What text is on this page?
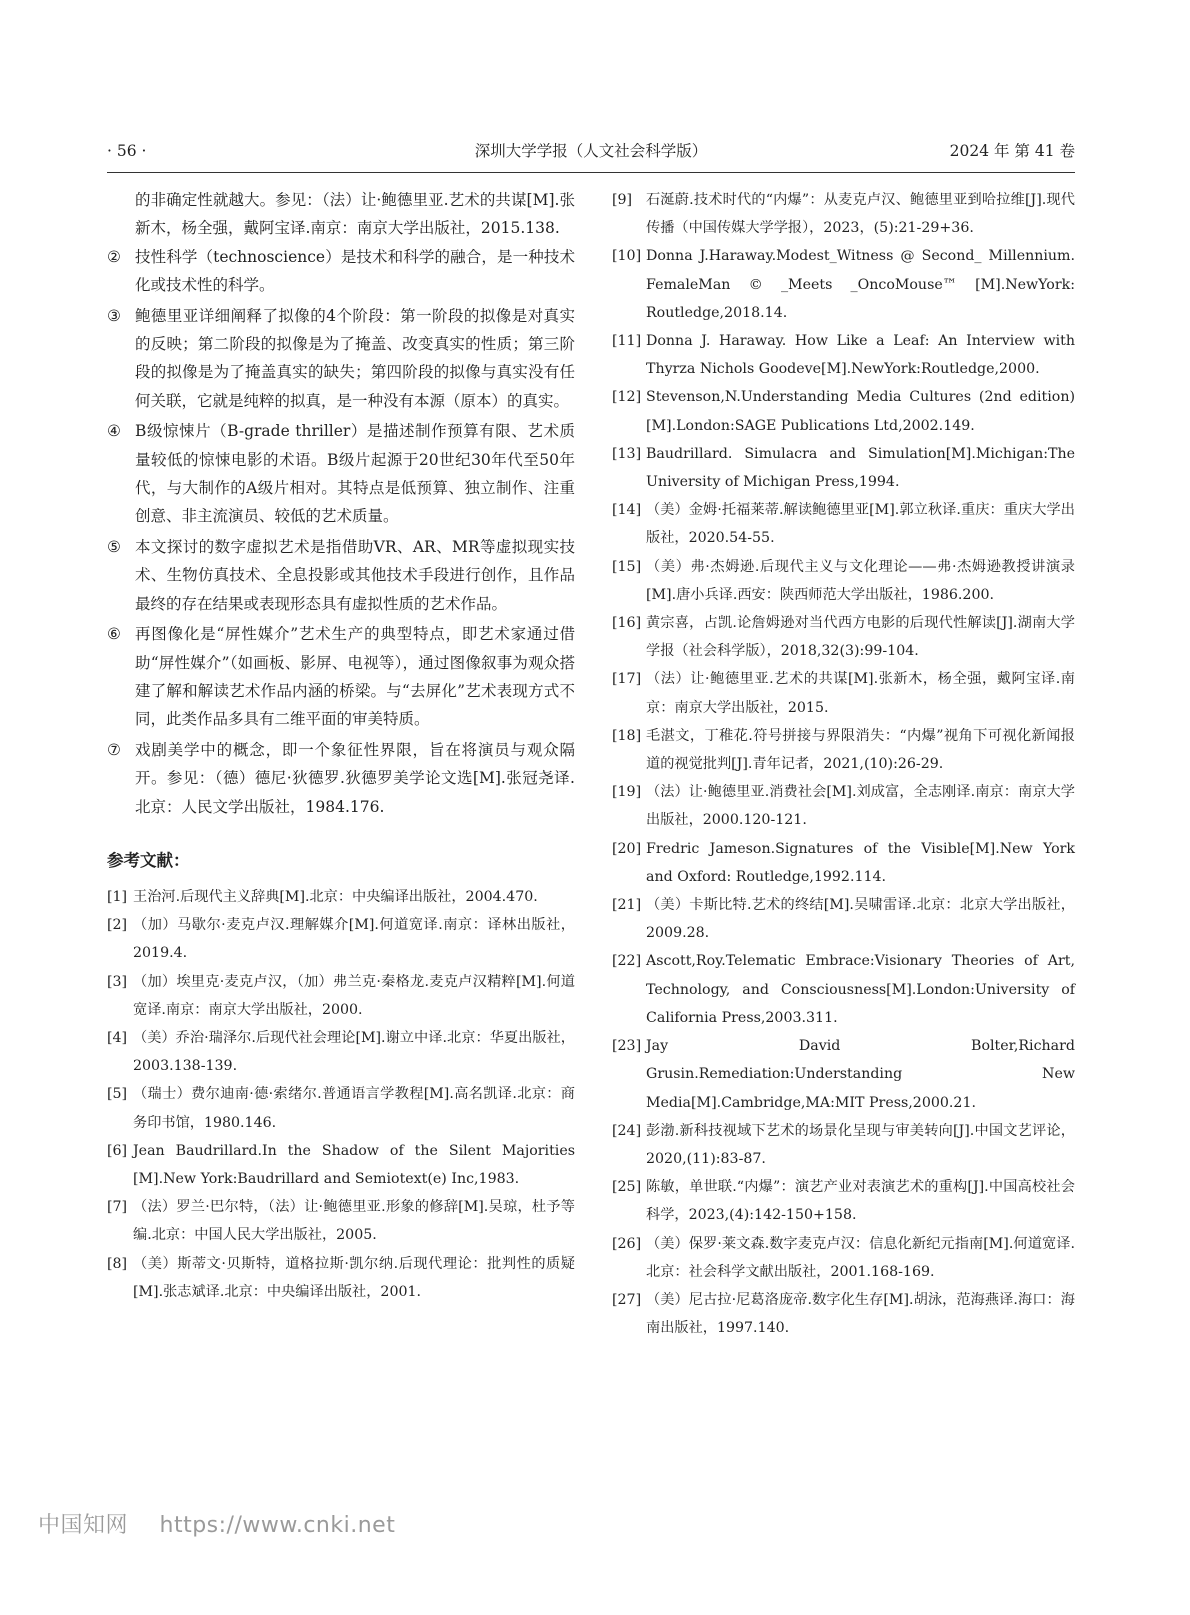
· 56 ·	深圳大学学报（人文社会科学版）	2024 年 第 41 卷
的非确定性就越大。参见：（法）让·鲍德里亚.艺术的共谋[M].张新木，杨全强，戴阿宝译.南京：南京大学出版社，2015.138.
② 技性科学（technoscience）是技术和科学的融合，是一种技术化或技术性的科学。
③ 鲍德里亚详细阐释了拟像的4个阶段：第一阶段的拟像是对真实的反映；第二阶段的拟像是为了掩盖、改变真实的性质；第三阶段的拟像是为了掩盖真实的缺失；第四阶段的拟像与真实没有任何关联，它就是纯粹的拟真，是一种没有本源（原本）的真实。
④ B级惊悚片（B-grade thriller）是描述制作预算有限、艺术质量较低的惊悚电影的术语。B级片起源于20世纪30年代至50年代，与大制作的A级片相对。其特点是低预算、独立制作、注重创意、非主流演员、较低的艺术质量。
⑤ 本文探讨的数字虚拟艺术是指借助VR、AR、MR等虚拟现实技术、生物仿真技术、全息投影或其他技术手段进行创作，且作品最终的存在结果或表现形态具有虚拟性质的艺术作品。
⑥ 再图像化是“屏性媒介”艺术生产的典型特点，即艺术家通过借助“屏性媒介”（如画板、影屏、电视等），通过图像叙事为观众搭建了解和解读艺术作品内涵的桥梁。与“去屏化”艺术表现方式不同，此类作品多具有二维平面的审美特质。
⑦ 戏剧美学中的概念，即一个象征性界限，旨在将演员与观众隔开。参见：（德）德尼·狄德罗.狄德罗美学论文选[M].张冠尧译.北京：人民文学出版社，1984.176.
参考文献：
[1] 王治河.后现代主义辞典[M].北京：中央编译出版社，2004.470.
[2] （加）马歇尔·麦克卢汉.理解媒介[M].何道宽译.南京：译林出版社，2019.4.
[3] （加）埃里克·麦克卢汉，（加）弗兰克·秦格龙.麦克卢汉精粹[M].何道宽译.南京：南京大学出版社，2000.
[4] （美）乔治·瑞泽尔.后现代社会理论[M].谢立中译.北京：华夏出版社，2003.138-139.
[5] （瑞士）费尔迪南·德·索绪尔.普通语言学教程[M].高名凯译.北京：商务印书馆，1980.146.
[6] Jean Baudrillard.In the Shadow of the Silent Majorities [M].New York:Baudrillard and Semiotext(e) Inc,1983.
[7] （法）罗兰·巴尔特，（法）让·鲍德里亚.形象的修辞[M].吴琼，杜予等编.北京：中国人民大学出版社，2005.
[8] （美）斯蒂文·贝斯特，道格拉斯·凯尔纳.后现代理论：批判性的质疑[M].张志斌译.北京：中央编译出版社，2001.
[9] 石涎蔚.技术时代的“内爆”：从麦克卢汉、鲍德里亚到哈拉维[J].现代传播（中国传媒大学学报），2023，(5):21-29+36.
[10] Donna J.Haraway.Modest_Witness @ Second_ Millennium. FemaleMan © _Meets _OncoMouse™ [M].NewYork: Routledge,2018.14.
[11] Donna J. Haraway. How Like a Leaf: An Interview with Thyrza Nichols Goodeve[M].NewYork:Routledge,2000.
[12] Stevenson,N.Understanding Media Cultures (2nd edition) [M].London:SAGE Publications Ltd,2002.149.
[13] Baudrillard. Simulacra and Simulation[M].Michigan:The University of Michigan Press,1994.
[14] （美）金姆·托福莱蒂.解读鲍德里亚[M].郭立秋译.重庆：重庆大学出版社，2020.54-55.
[15] （美）弗·杰姆逊.后现代主义与文化理论——弗·杰姆逊教授讲演录[M].唐小兵译.西安：陕西师范大学出版社，1986.200.
[16] 黄宗喜，占凯.论詹姆逊对当代西方电影的后现代性解读[J].湖南大学学报（社会科学版），2018,32(3):99-104.
[17] （法）让·鲍德里亚.艺术的共谋[M].张新木，杨全强，戴阿宝译.南京：南京大学出版社，2015.
[18] 毛湛文，丁稚花.符号拼接与界限消失：“内爆”视角下可视化新闻报道的视觉批判[J].青年记者，2021,(10):26-29.
[19] （法）让·鲍德里亚.消费社会[M].刘成富，全志刚译.南京：南京大学出版社，2000.120-121.
[20] Fredric Jameson.Signatures of the Visible[M].New York and Oxford: Routledge,1992.114.
[21] （美）卡斯比特.艺术的终结[M].吴啸雷译.北京：北京大学出版社，2009.28.
[22] Ascott,Roy.Telematic Embrace:Visionary Theories of Art, Technology, and Consciousness[M].London:University of California Press,2003.311.
[23] Jay David Bolter,Richard Grusin.Remediation:Understanding New Media[M].Cambridge,MA:MIT Press,2000.21.
[24] 彭渤.新科技视域下艺术的场景化呈现与审美转向[J].中国文艺评论，2020,(11):83-87.
[25] 陈敏，单世联.“内爆”：演艺产业对表演艺术的重构[J].中国高校社会科学，2023,(4):142-150+158.
[26] （美）保罗·莱文森.数字麦克卢汉：信息化新纪元指南[M].何道宽译.北京：社会科学文献出版社，2001.168-169.
[27] （美）尼古拉·尼葛洛庞帝.数字化生存[M].胡泳，范海燕译.海口：海南出版社，1997.140.
中国知网 https://www.cnki.net
